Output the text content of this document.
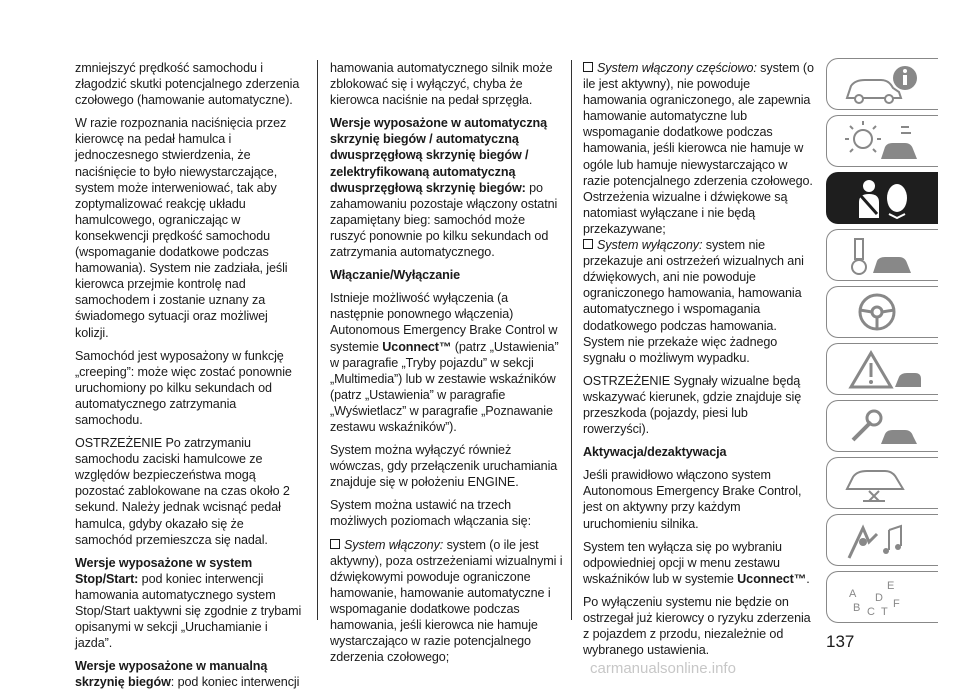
zmniejszyć prędkość samochodu i złagodzić skutki potencjalnego zderzenia czołowego (hamowanie automatyczne).

W razie rozpoznania naciśnięcia przez kierowcę na pedał hamulca i jednoczesnego stwierdzenia, że naciśnięcie to było niewystarczające, system może interweniować, tak aby zoptymalizować reakcję układu hamulcowego, ograniczając w konsekwencji prędkość samochodu (wspomaganie dodatkowe podczas hamowania). System nie zadziała, jeśli kierowca przejmie kontrolę nad samochodem i zostanie uznany za świadomego sytuacji oraz możliwej kolizji.

Samochód jest wyposażony w funkcję „creeping”: może więc zostać ponownie uruchomiony po kilku sekundach od automatycznego zatrzymania samochodu.

OSTRZEŻENIE Po zatrzymaniu samochodu zaciski hamulcowe ze względów bezpieczeństwa mogą pozostać zablokowane na czas około 2 sekund. Należy jednak wcisnąć pedał hamulca, gdyby okazało się że samochód przemieszcza się nadal.

Wersje wyposażone w system Stop/Start: pod koniec interwencji hamowania automatycznego system Stop/Start uaktywni się zgodnie z trybami opisanymi w sekcji „Uruchamianie i jazda”.

Wersje wyposażone w manualną skrzynię biegów: pod koniec interwencji

hamowania automatycznego silnik może zblokować się i wyłączyć, chyba że kierowca naciśnie na pedał sprzęgła.

Wersje wyposażone w automatyczną skrzynię biegów / automatyczną dwusprzęgłową skrzynię biegów / zelektryfikowaną automatyczną dwusprzęgłową skrzynię biegów: po zahamowaniu pozostaje włączony ostatni zapamiętany bieg: samochód może ruszyć ponownie po kilku sekundach od zatrzymania automatycznego.

Włączanie/Wyłączanie

Istnieje możliwość wyłączenia (a następnie ponownego włączenia) Autonomous Emergency Brake Control w systemie Uconnect™ (patrz „Ustawienia” w paragrafie „Tryby pojazdu” w sekcji „Multimedia”) lub w zestawie wskaźników (patrz „Ustawienia” w paragrafie „Wyświetlacz” w paragrafie „Poznawanie zestawu wskaźników”).

System można wyłączyć również wówczas, gdy przełączenik uruchamiania znajduje się w położeniu ENGINE.

System można ustawić na trzech możliwych poziomach włączania się:

System włączony: system (o ile jest aktywny), poza ostrzeżeniami wizualnymi i dźwiękowymi powoduje ograniczone hamowanie, hamowanie automatyczne i wspomaganie dodatkowe podczas hamowania, jeśli kierowca nie hamuje wystarczająco w razie potencjalnego zderzenia czołowego;

System włączony częściowo: system (o ile jest aktywny), nie powoduje hamowania ograniczonego, ale zapewnia hamowanie automatyczne lub wspomaganie dodatkowe podczas hamowania, jeśli kierowca nie hamuje w ogóle lub hamuje niewystarczająco w razie potencjalnego zderzenia czołowego. Ostrzeżenia wizualne i dźwiękowe są natomiast wyłączane i nie będą przekazywane;

System wyłączony: system nie przekazuje ani ostrzeżeń wizualnych ani dźwiękowych, ani nie powoduje ograniczonego hamowania, hamowania automatycznego i wspomagania dodatkowego podczas hamowania. System nie przekaże więc żadnego sygnału o możliwym wypadku.

OSTRZEŻENIE Sygnały wizualne będą wskazywać kierunek, gdzie znajduje się przeszkoda (pojazdy, piesi lub rowerzyści).

Aktywacja/dezaktywacja

Jeśli prawidłowo włączono system Autonomous Emergency Brake Control, jest on aktywny przy każdym uruchomieniu silnika.

System ten wyłącza się po wybraniu odpowiedniej opcji w menu zestawu wskaźników lub w systemie Uconnect™.

Po wyłączeniu systemu nie będzie on ostrzegał już kierowcy o ryzyku zderzenia z pojazdem z przodu, niezależnie od wybranego ustawienia.

A
B C
D
E
F
T
137
carmanualsonline.info
